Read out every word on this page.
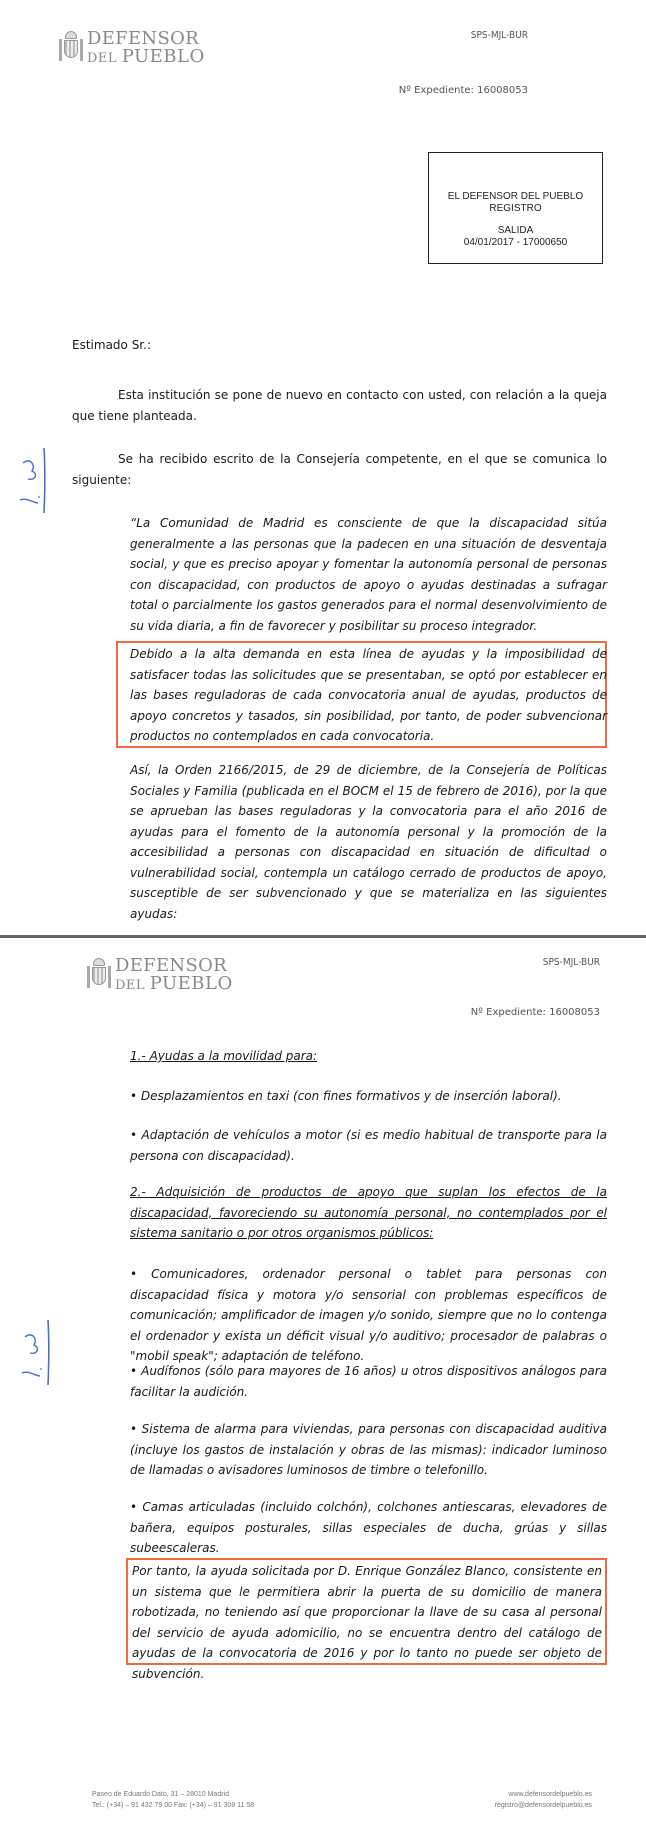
DEFENSOR
DEL PUEBLO
SPS-MJL-BUR
Nº Expediente: 16008053
EL DEFENSOR DEL PUEBLO
REGISTRO
SALIDA
04/01/2017 - 17000650
Estimado Sr.:
Esta institución se pone de nuevo en contacto con usted, con relación a la queja que tiene planteada.
Se ha recibido escrito de la Consejería competente, en el que se comunica lo siguiente:
“La Comunidad de Madrid es consciente de que la discapacidad sitúa generalmente a las personas que la padecen en una situación de desventaja social, y que es preciso apoyar y fomentar la autonomía personal de personas con discapacidad, con productos de apoyo o ayudas destinadas a sufragar total o parcialmente los gastos generados para el normal desenvolvimiento de su vida diaria, a fin de favorecer y posibilitar su proceso integrador.
Debido a la alta demanda en esta línea de ayudas y la imposibilidad de satisfacer todas las solicitudes que se presentaban, se optó por establecer en las bases reguladoras de cada convocatoria anual de ayudas, productos de apoyo concretos y tasados, sin posibilidad, por tanto, de poder subvencionar productos no contemplados en cada convocatoria.
Así, la Orden 2166/2015, de 29 de diciembre, de la Consejería de Políticas Sociales y Familia (publicada en el BOCM el 15 de febrero de 2016), por la que se aprueban las bases reguladoras y la convocatoria para el año 2016 de ayudas para el fomento de la autonomía personal y la promoción de la accesibilidad a personas con discapacidad en situación de dificultad o vulnerabilidad social, contempla un catálogo cerrado de productos de apoyo, susceptible de ser subvencionado y que se materializa en las siguientes ayudas:
DEFENSOR
DEL PUEBLO
SPS-MJL-BUR
Nº Expediente: 16008053
1.- Ayudas a la movilidad para:
• Desplazamientos en taxi (con fines formativos y de inserción laboral).
• Adaptación de vehículos a motor (si es medio habitual de transporte para la persona con discapacidad).
2.- Adquisición de productos de apoyo que suplan los efectos de la discapacidad, favoreciendo su autonomía personal, no contemplados por el sistema sanitario o por otros organismos públicos:
• Comunicadores, ordenador personal o tablet para personas con discapacidad física y motora y/o sensorial con problemas específicos de comunicación; amplificador de imagen y/o sonido, siempre que no lo contenga el ordenador y exista un déficit visual y/o auditivo; procesador de palabras o "mobil speak"; adaptación de teléfono.
• Audífonos (sólo para mayores de 16 años) u otros dispositivos análogos para facilitar la audición.
• Sistema de alarma para viviendas, para personas con discapacidad auditiva (incluye los gastos de instalación y obras de las mismas): indicador luminoso de llamadas o avisadores luminosos de timbre o telefonillo.
• Camas articuladas (incluido colchón), colchones antiescaras, elevadores de bañera, equipos posturales, sillas especiales de ducha, grúas y sillas subeescaleras.
Por tanto, la ayuda solicitada por D. Enrique González Blanco, consistente en un sistema que le permitiera abrir la puerta de su domicilio de manera robotizada, no teniendo así que proporcionar la llave de su casa al personal del servicio de ayuda adomicilio, no se encuentra dentro del catálogo de ayudas de la convocatoria de 2016 y por lo tanto no puede ser objeto de subvención.
Paseo de Eduardo Dato, 31 – 28010 Madrid
Tel.: (+34) – 91 432 79 00 Fax: (+34) – 91 308 11 58
www.defensordelpueblo.es
registro@defensordelpueblo.es
